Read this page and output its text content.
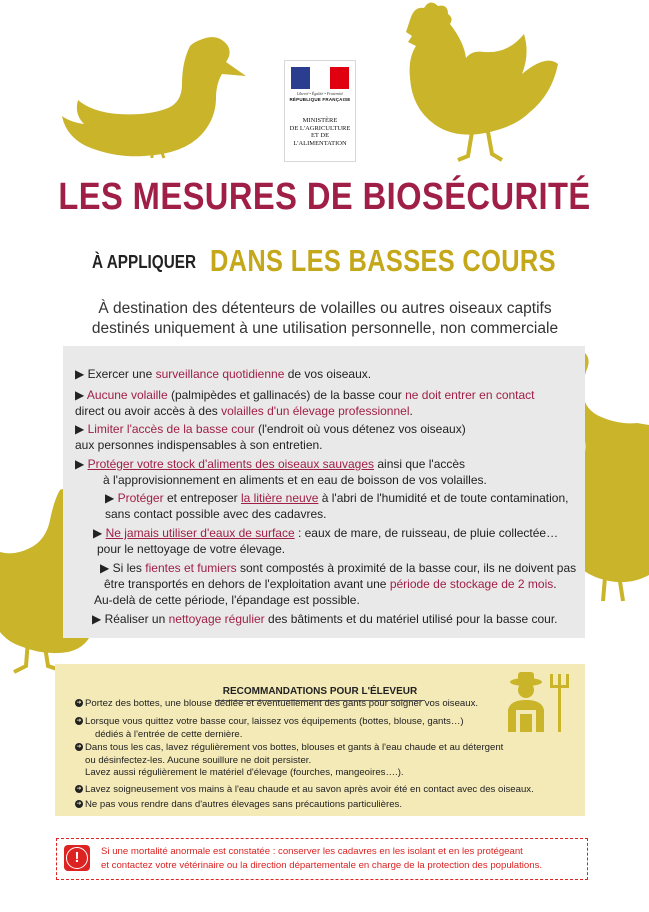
Liberté • Égalité • Fraternité
RÉPUBLIQUE FRANÇAISE
MINISTÈRE
DE L'AGRICULTURE
ET DE
L'ALIMENTATION
LES MESURES DE BIOSÉCURITÉ
À APPLIQUER DANS LES BASSES COURS
À destination des détenteurs de volailles ou autres oiseaux captifs
destinés uniquement à une utilisation personnelle, non commerciale
▶ Exercer une surveillance quotidienne de vos oiseaux.
▶ Aucune volaille (palmipèdes et gallinacés) de la basse cour ne doit entrer en contact
direct ou avoir accès à des volailles d'un élevage professionnel.
▶ Limiter l'accès de la basse cour (l'endroit où vous détenez vos oiseaux)
aux personnes indispensables à son entretien.
▶ Protéger votre stock d'aliments des oiseaux sauvages ainsi que l'accès
à l'approvisionnement en aliments et en eau de boisson de vos volailles.
▶ Protéger et entreposer la litière neuve à l'abri de l'humidité et de toute contamination,
sans contact possible avec des cadavres.
▶ Ne jamais utiliser d'eaux de surface : eaux de mare, de ruisseau, de pluie collectée…
pour le nettoyage de votre élevage.
▶ Si les fientes et fumiers sont compostés à proximité de la basse cour, ils ne doivent pas
être transportés en dehors de l'exploitation avant une période de stockage de 2 mois.
Au-delà de cette période, l'épandage est possible.
▶ Réaliser un nettoyage régulier des bâtiments et du matériel utilisé pour la basse cour.
RECOMMANDATIONS POUR L'ÉLEVEUR
➜ Portez des bottes, une blouse dédiée et éventuellement des gants pour soigner vos oiseaux.
➜ Lorsque vous quittez votre basse cour, laissez vos équipements (bottes, blouse, gants…)
dédiés à l'entrée de cette dernière.
➜ Dans tous les cas, lavez régulièrement vos bottes, blouses et gants à l'eau chaude et au détergent
ou désinfectez-les. Aucune souillure ne doit persister.
Lavez aussi régulièrement le matériel d'élevage (fourches, mangeoires….).
➜ Lavez soigneusement vos mains à l'eau chaude et au savon après avoir été en contact avec des oiseaux.
➜ Ne pas vous rendre dans d'autres élevages sans précautions particulières.
!	Si une mortalité anormale est constatée : conserver les cadavres en les isolant et en les protégeant
et contactez votre vétérinaire ou la direction départementale en charge de la protection des populations.
